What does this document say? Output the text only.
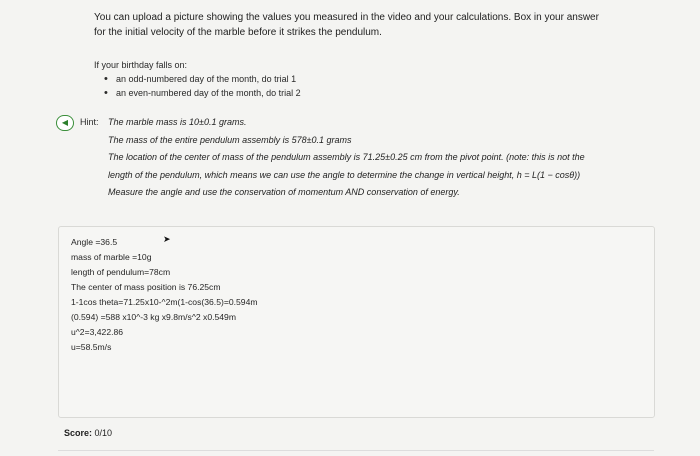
You can upload a picture showing the values you measured in the video and your calculations. Box in your answer
for the initial velocity of the marble before it strikes the pendulum.
If your birthday falls on:
• an odd-numbered day of the month, do trial 1
• an even-numbered day of the month, do trial 2
◀	Hint: The marble mass is 10±0.1 grams.
The mass of the entire pendulum assembly is 578±0.1 grams
The location of the center of mass of the pendulum assembly is 71.25±0.25 cm from the pivot point. (note: this is not the
length of the pendulum, which means we can use the angle to determine the change in vertical height, h = L(1 − cosθ))
Measure the angle and use the conservation of momentum AND conservation of energy.
Angle =36.5
mass of marble =10g
length of pendulum=78cm
The center of mass position is 76.25cm
1-1cos theta=71.25x10-^2m(1-cos(36.5)=0.594m
(0.594) =588 x10^-3 kg x9.8m/s^2 x0.549m
u^2=3,422.86
u=58.5m/s
➤
Score: 0/10
